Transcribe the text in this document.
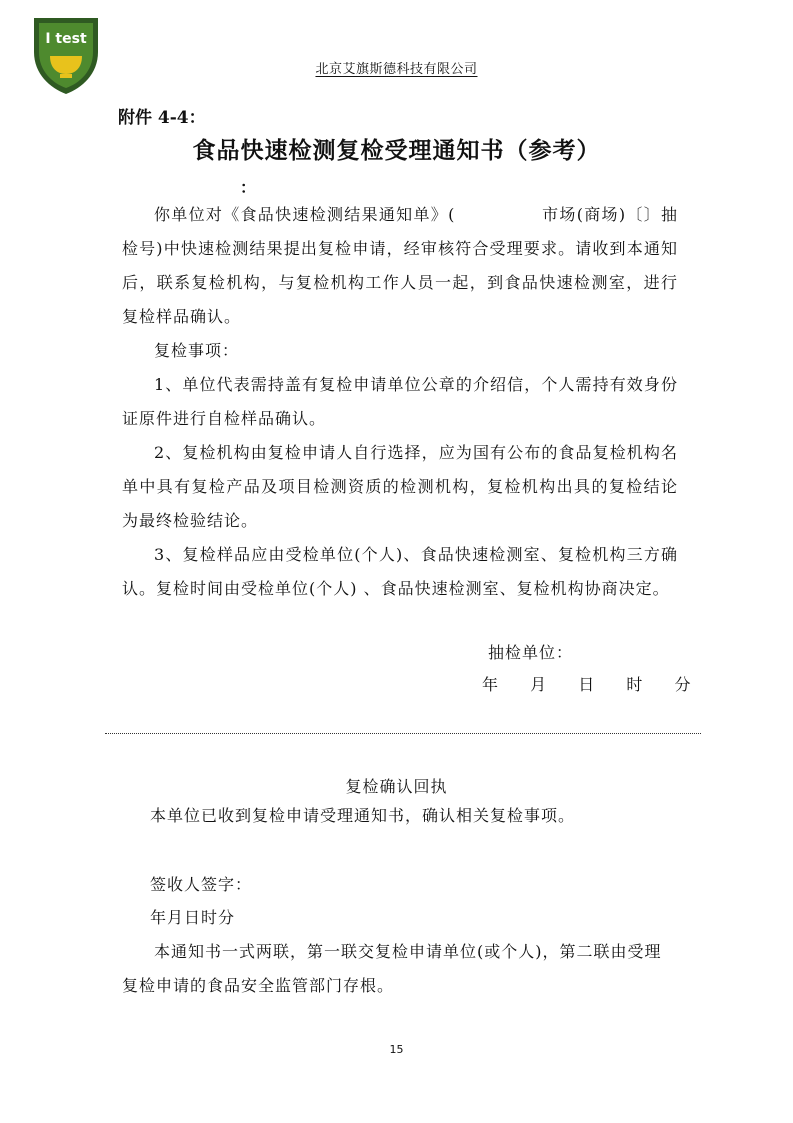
I test
北京艾旗斯德科技有限公司
附件 4-4：
食品快速检测复检受理通知书（参考）
：

你单位对《食品快速检测结果通知单》(　　　　　市场(商场)〔〕抽检号)中快速检测结果提出复检申请，经审核符合受理要求。请收到本通知后，联系复检机构，与复检机构工作人员一起，到食品快速检测室，进行复检样品确认。

复检事项：

1、单位代表需持盖有复检申请单位公章的介绍信，个人需持有效身份证原件进行自检样品确认。

2、复检机构由复检申请人自行选择，应为国有公布的食品复检机构名单中具有复检产品及项目检测资质的检测机构，复检机构出具的复检结论为最终检验结论。

3、复检样品应由受检单位(个人)、食品快速检测室、复检机构三方确认。复检时间由受检单位(个人) 、食品快速检测室、复检机构协商决定。

抽检单位：
年 月 日 时 分
复检确认回执
本单位已收到复检申请受理通知书，确认相关复检事项。
签收人签字：
年月日时分

本通知书一式两联，第一联交复检申请单位(或个人)，第二联由受理复检申请的食品安全监管部门存根。

15
